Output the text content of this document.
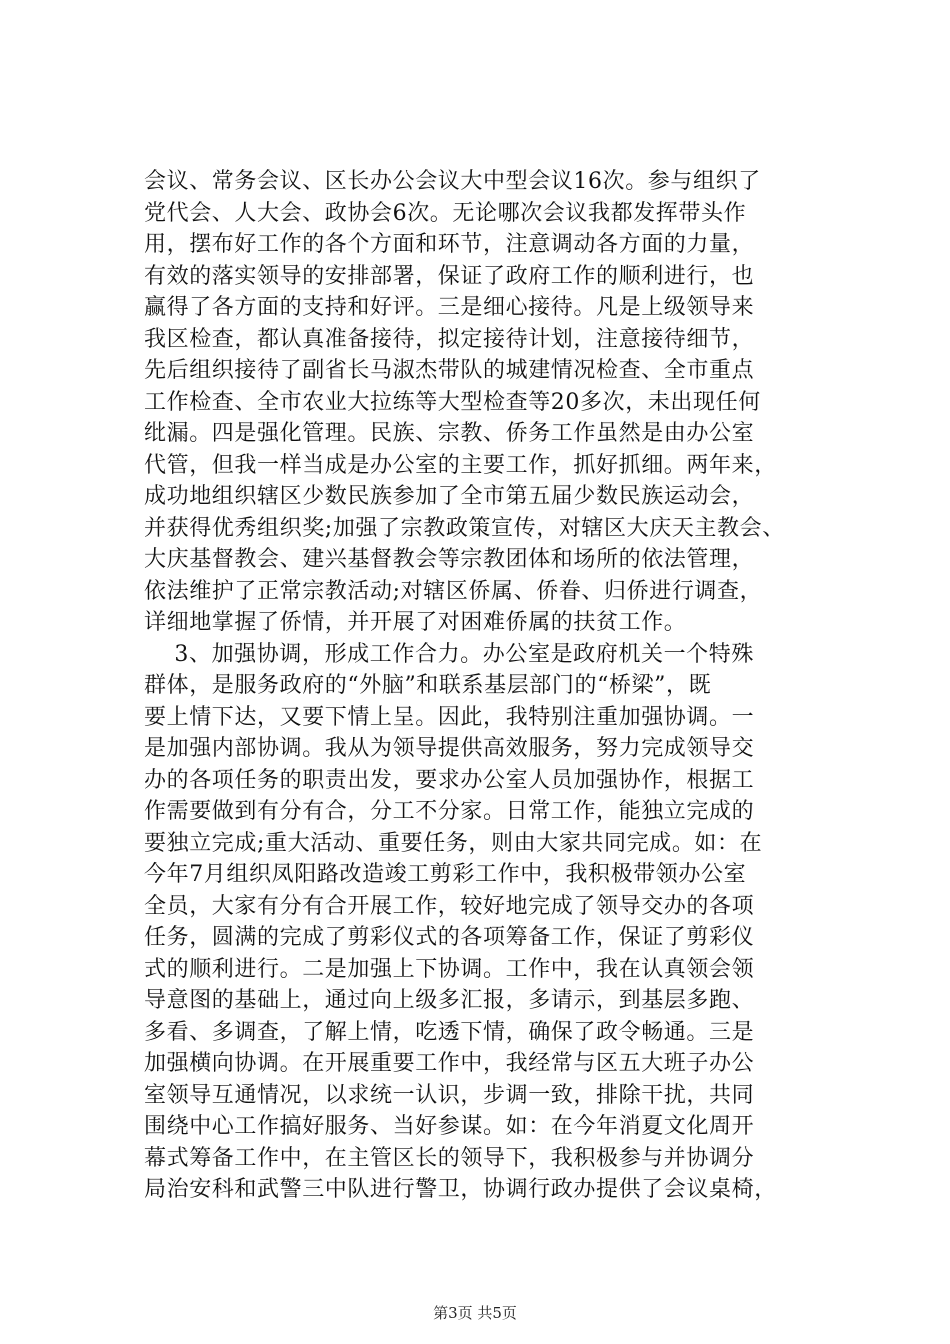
会议、常务会议、区长办公会议大中型会议16次。参与组织了
党代会、人大会、政协会6次。无论哪次会议我都发挥带头作
用，摆布好工作的各个方面和环节，注意调动各方面的力量，
有效的落实领导的安排部署，保证了政府工作的顺利进行，也
赢得了各方面的支持和好评。三是细心接待。凡是上级领导来
我区检查，都认真准备接待，拟定接待计划，注意接待细节，
先后组织接待了副省长马淑杰带队的城建情况检查、全市重点
工作检查、全市农业大拉练等大型检查等20多次，未出现任何
纰漏。四是强化管理。民族、宗教、侨务工作虽然是由办公室
代管，但我一样当成是办公室的主要工作，抓好抓细。两年来，
成功地组织辖区少数民族参加了全市第五届少数民族运动会，
并获得优秀组织奖;加强了宗教政策宣传，对辖区大庆天主教会、
大庆基督教会、建兴基督教会等宗教团体和场所的依法管理，
依法维护了正常宗教活动;对辖区侨属、侨眷、归侨进行调查，
详细地掌握了侨情，并开展了对困难侨属的扶贫工作。
3、加强协调，形成工作合力。办公室是政府机关一个特殊
群体，是服务政府的“外脑”和联系基层部门的“桥梁”，既
要上情下达，又要下情上呈。因此，我特别注重加强协调。一
是加强内部协调。我从为领导提供高效服务，努力完成领导交
办的各项任务的职责出发，要求办公室人员加强协作，根据工
作需要做到有分有合，分工不分家。日常工作，能独立完成的
要独立完成;重大活动、重要任务，则由大家共同完成。如：在
今年7月组织凤阳路改造竣工剪彩工作中，我积极带领办公室
全员，大家有分有合开展工作，较好地完成了领导交办的各项
任务，圆满的完成了剪彩仪式的各项筹备工作，保证了剪彩仪
式的顺利进行。二是加强上下协调。工作中，我在认真领会领
导意图的基础上，通过向上级多汇报，多请示，到基层多跑、
多看、多调查，了解上情，吃透下情，确保了政令畅通。三是
加强横向协调。在开展重要工作中，我经常与区五大班子办公
室领导互通情况，以求统一认识，步调一致，排除干扰，共同
围绕中心工作搞好服务、当好参谋。如：在今年消夏文化周开
幕式筹备工作中，在主管区长的领导下，我积极参与并协调分
局治安科和武警三中队进行警卫，协调行政办提供了会议桌椅，
第3页 共5页
